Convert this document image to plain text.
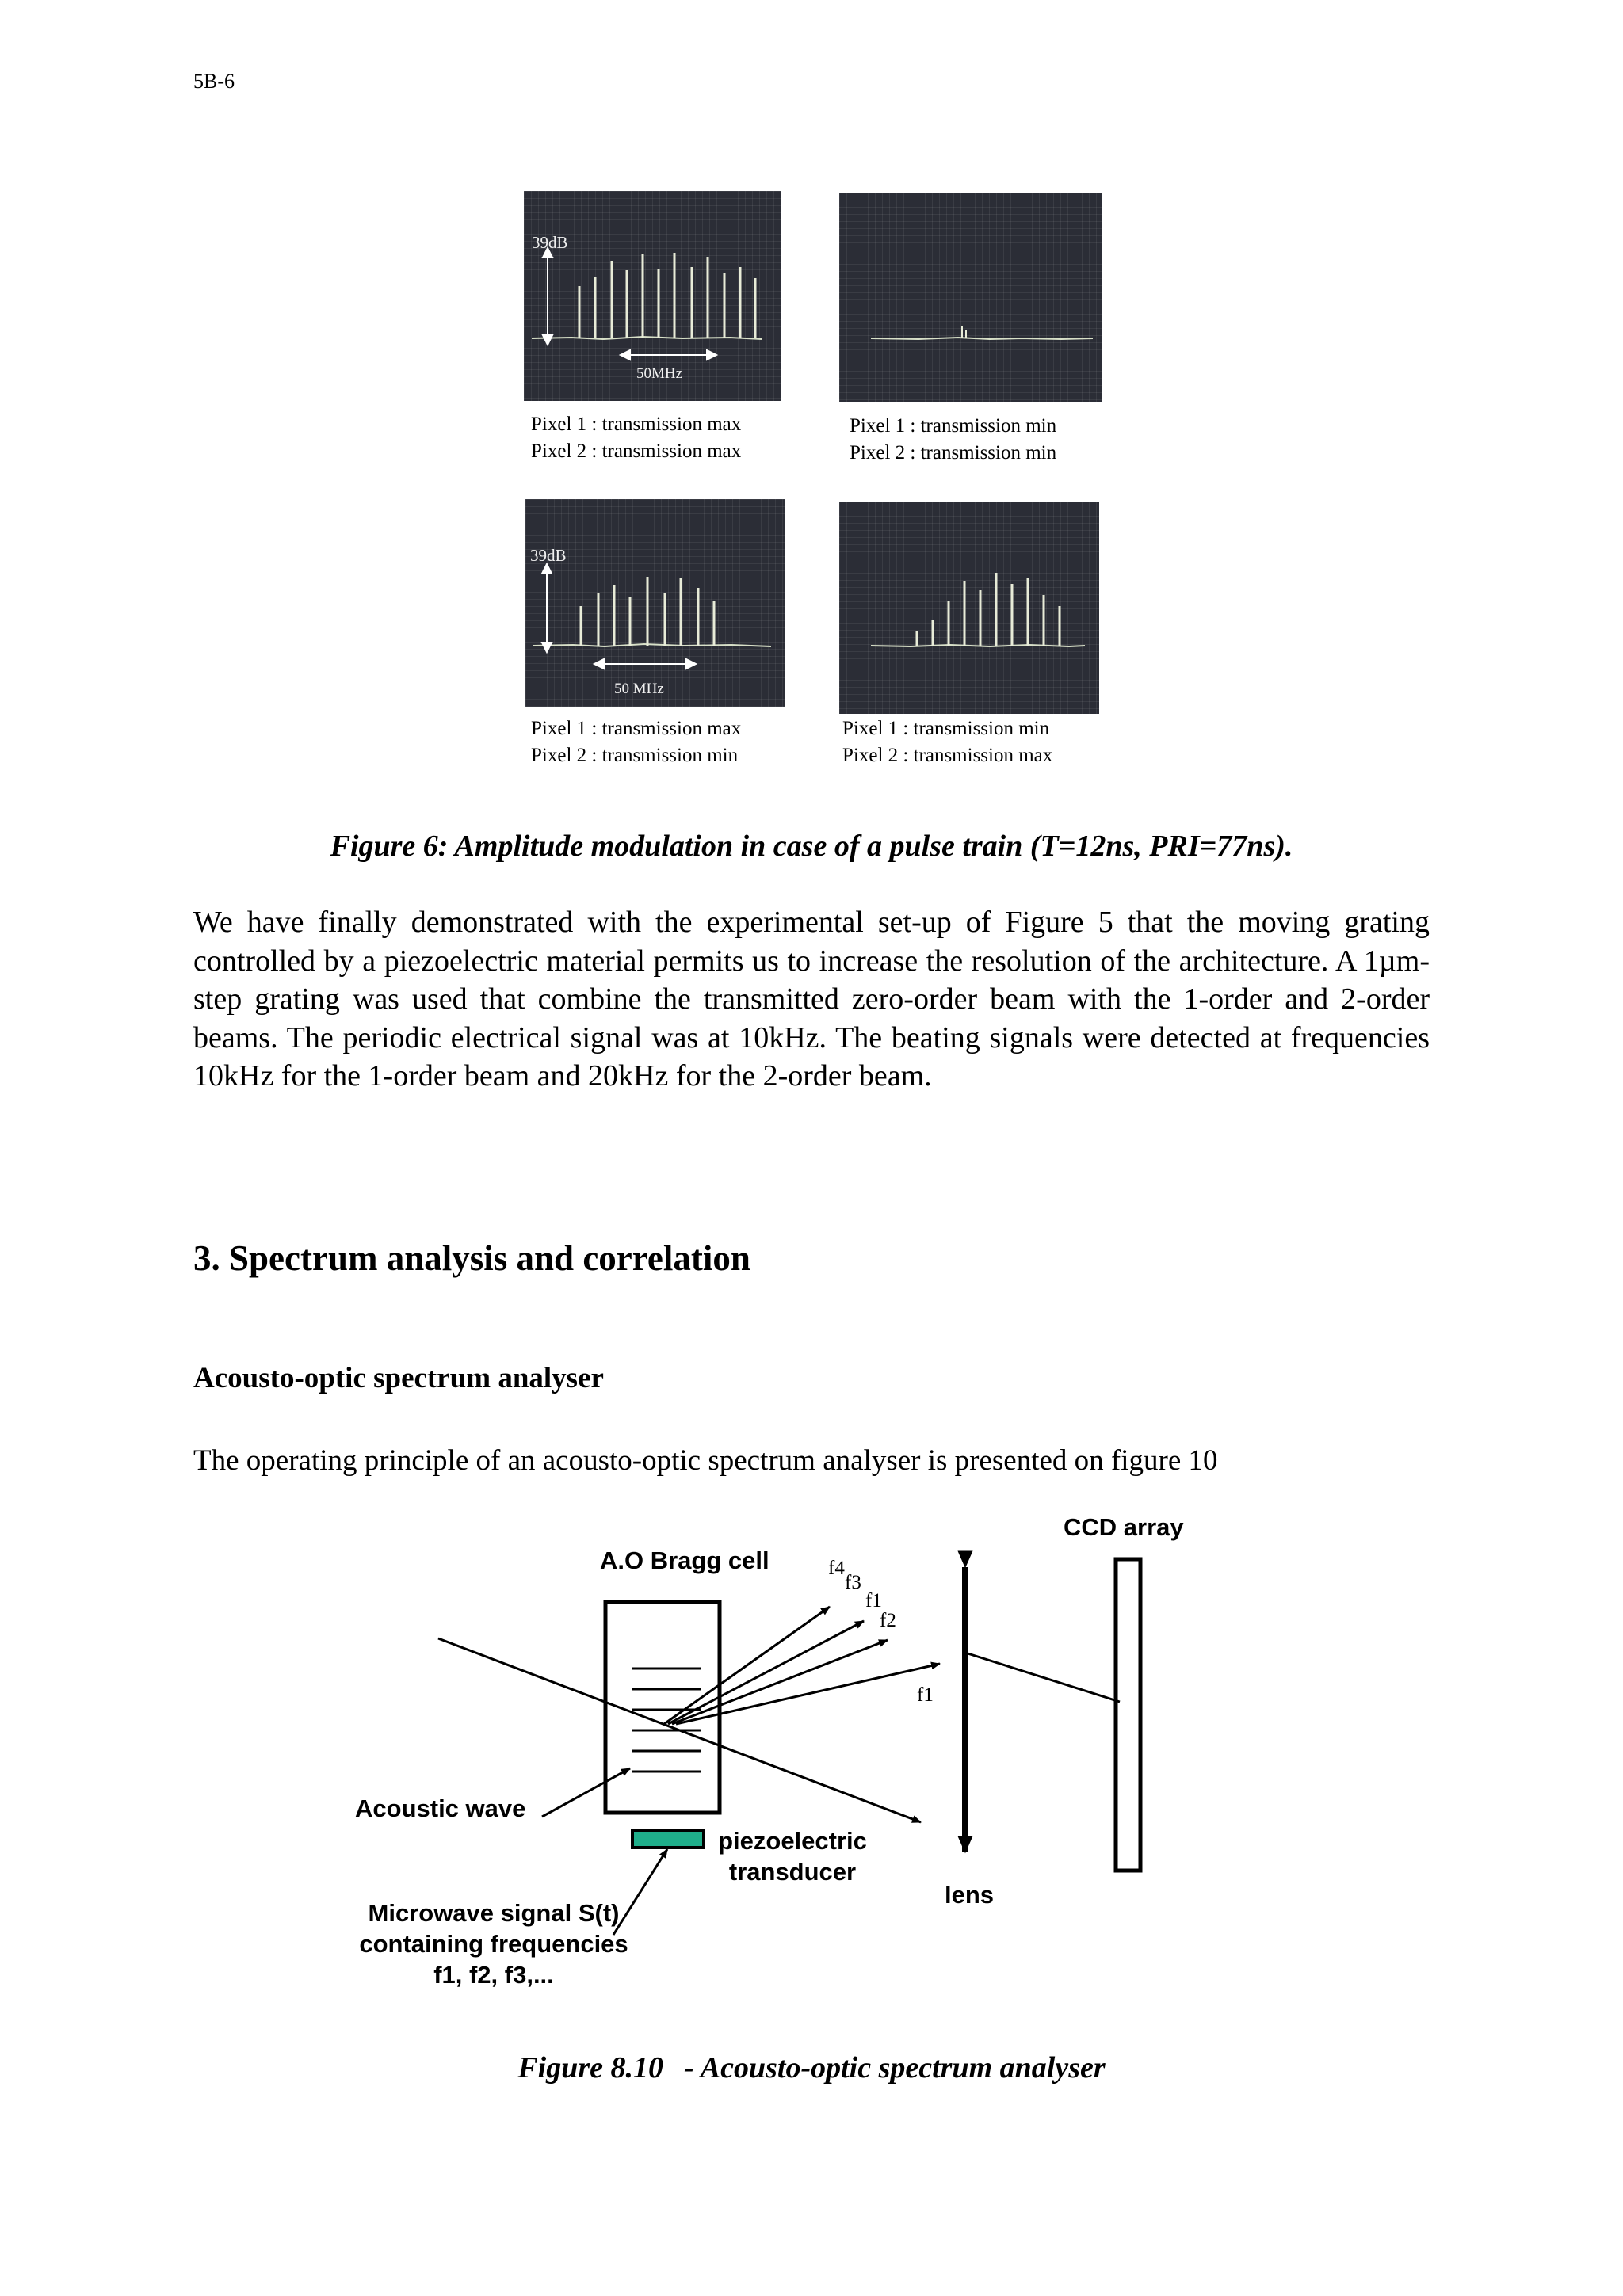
5B-6
39dB
50MHz
Pixel 1 : transmission max
Pixel 2 : transmission max
Pixel 1 : transmission min
Pixel 2 : transmission min
39dB
50 MHz
Pixel 1 : transmission max
Pixel 2 : transmission min
Pixel 1 : transmission min
Pixel 2 : transmission max
Figure 6: Amplitude modulation in case of a pulse train (T=12ns, PRI=77ns).
We have finally demonstrated with the experimental set-up of Figure 5 that the moving grating controlled by a piezoelectric material permits us to increase the resolution of the architecture. A 1µm-step grating was used that combine the transmitted zero-order beam with the 1-order and 2-order beams. The periodic electrical signal was at 10kHz. The beating signals were detected at frequencies 10kHz for the 1-order beam and 20kHz for the 2-order beam.
3. Spectrum analysis and correlation
Acousto-optic spectrum analyser
The operating principle of an acousto-optic spectrum analyser is presented on figure 10
CCD array
A.O Bragg cell	f4
f3
f1
f2
f1
Acoustic wave
piezoelectric
transducer
lens
Microwave signal S(t)
containing frequencies
f1, f2, f3,...
Figure 8.10 - Acousto-optic spectrum analyser
